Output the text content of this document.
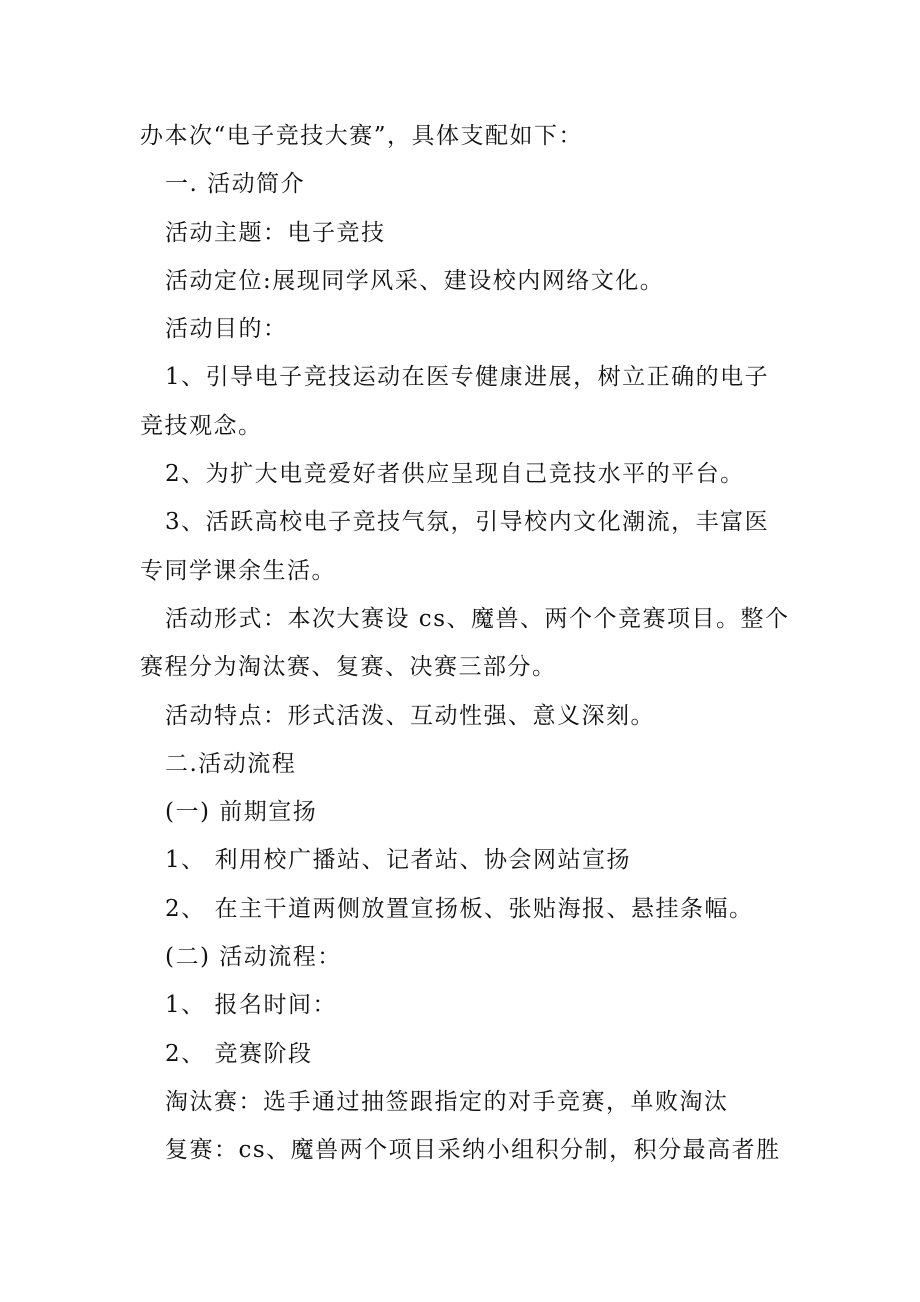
办本次“电子竞技大赛”，具体支配如下：
一. 活动简介
活动主题：电子竞技
活动定位:展现同学风采、建设校内网络文化。
活动目的：
1、引导电子竞技运动在医专健康进展，树立正确的电子
竞技观念。
2、为扩大电竞爱好者供应呈现自己竞技水平的平台。
3、活跃高校电子竞技气氛，引导校内文化潮流，丰富医
专同学课余生活。
活动形式：本次大赛设 cs、魔兽、两个个竞赛项目。整个
赛程分为淘汰赛、复赛、决赛三部分。
活动特点：形式活泼、互动性强、意义深刻。
二.活动流程
(一) 前期宣扬
1、 利用校广播站、记者站、协会网站宣扬
2、 在主干道两侧放置宣扬板、张贴海报、悬挂条幅。
(二) 活动流程：
1、 报名时间：
2、 竞赛阶段
淘汰赛：选手通过抽签跟指定的对手竞赛，单败淘汰
复赛：cs、魔兽两个项目采纳小组积分制，积分最高者胜
